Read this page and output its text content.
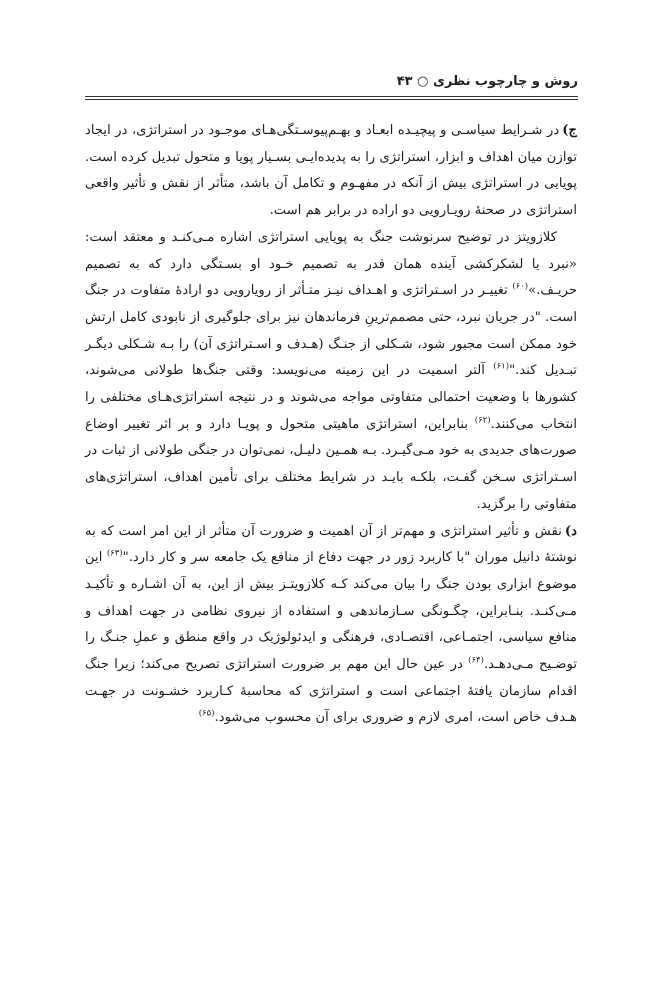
روش و چارچوب نظری ○ ۴۳

ج)در شـرایط سیاسـی و پیچیـده ابعـاد و بهـم‌پیوسـتگی‌هـای موجـود در استراتژی، در ایجاد توازن میان اهداف و ابزار، استراتژی را به پدیده‌ایـی بسـیار پویا و متحول تبدیل کرده است. پویایی در استراتژی بیش از آنکه در مفهـوم و تکامل آن باشد، متأثر از نقش و تأثیر واقعی استراتژی در صحنۀ رویـارویی دو اراده در برابر هم است.

کلازویتز در توضیح سرنوشت جنگ به پویایی استراتژی اشاره مـی‌کنـد و معتقد است: «نبرد یا لشکرکشی آینده همان قدر به تصمیم خـود او بسـتگی دارد که به تصمیم حریـف.»$^{(۶۰)}$ تغییـر در اسـتراتژی و اهـداف نیـز متـأثر از رویارویی دو ارادۀ متفاوت در جنگ است. "در جریان نبرد، حتی مصمم‌ترینِ فرماندهان نیز برای جلوگیری از نابودی کامل ارتش خود ممکن است مجبور شود، شـکلی از جنـگ (هـدف و اسـتراتژی آن) را بـه شـکلی دیگـر تبـدیل کند."$^{(۶۱)}$ آلتر اسمیت در این زمینه می‌نویسد: وقتی جنگ‌ها طولانی می‌شوند، کشورها با وضعیت احتمالی متفاوتی مواجه می‌شوند و در نتیجه استراتژی‌هـای مختلفی را انتخاب می‌کنند.$^{(۶۲)}$ بنابراین، استراتژی ماهیتی متحول و پویـا دارد و بر اثر تغییر اوضاع صورت‌های جدیدی به خود مـی‌گیـرد. بـه همـین دلیـل، نمی‌توان در جنگی طولانی از ثبات در اسـتراتژی سـخن گفـت، بلکـه بایـد در شرایط مختلف برای تأمین اهداف، استراتژی‌های متفاوتی را برگزید.

د)نقش و تأثیر استراتژی و مهم‌تر از آن اهمیت و ضرورت آن متأثر از این امر است که به نوشتۀ دانیل موران "با کاربرد زور در جهت دفاع از منافع یک جامعه سر و کار دارد."$^{(۶۳)}$ این موضوع ابزاری بودن جنگ را بیان می‌کند کـه کلازویتـز بیش از این، به آن اشـاره و تأکیـد مـی‌کنـد. بنـابراین، چگـونگی سـازماندهی و استفاده از نیروی نظامی در جهت اهداف و منافع سیاسی، اجتمـاعی، اقتصـادی، فرهنگی و ایدئولوژیک در واقع منطق و عملِ جنـگ را توضـیح مـی‌دهـد.$^{(۶۴)}$ در عین حال این مهم بر ضرورت استراتژی تصریح می‌کند؛ زیرا جنگ اقدام سازمان یافتۀ اجتماعی است و استراتژی که محاسبۀ کـاربرد خشـونت در جهـت هـدف خاص است، امری لازم و ضروری برای آن محسوب می‌شود.$^{(۶۵)}$
